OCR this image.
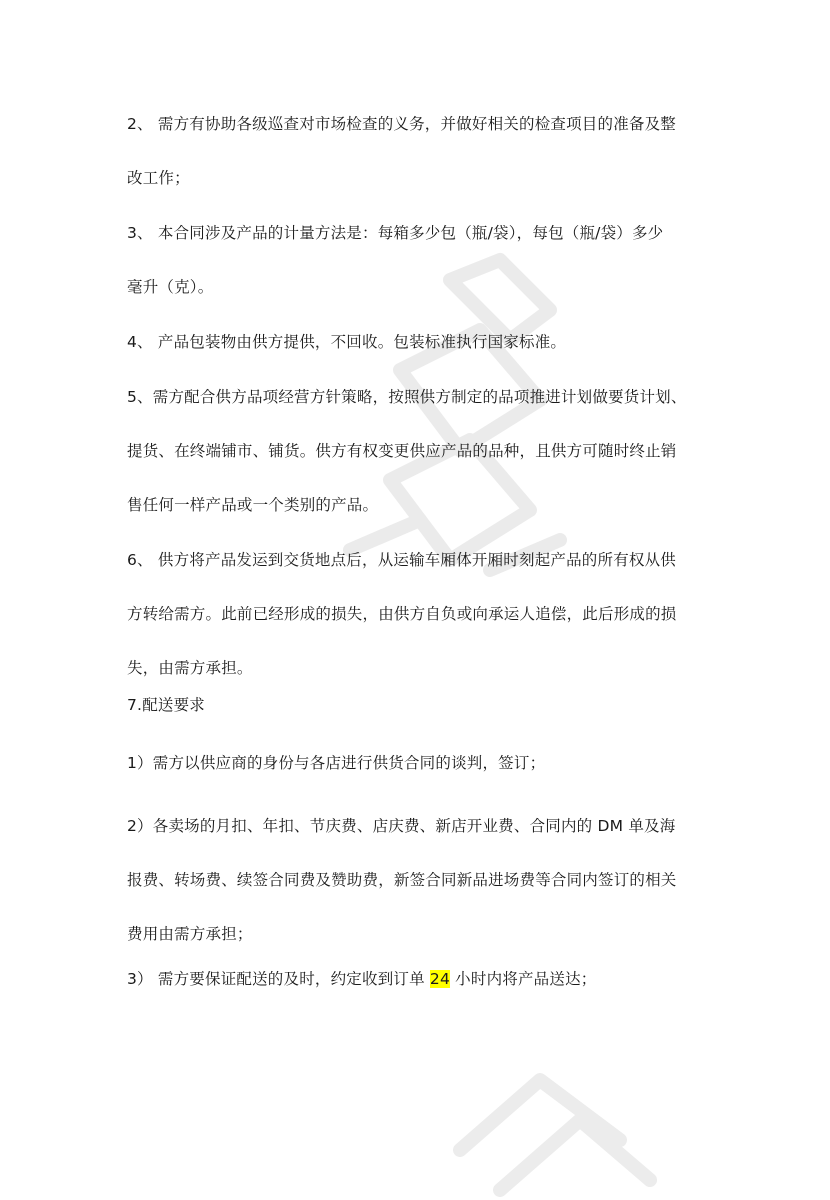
2、 需方有协助各级巡查对市场检查的义务，并做好相关的检查项目的准备及整
改工作；
3、 本合同涉及产品的计量方法是：每箱多少包（瓶/袋），每包（瓶/袋）多少
毫升（克）。
4、 产品包装物由供方提供，不回收。包装标准执行国家标准。
5、需方配合供方品项经营方针策略，按照供方制定的品项推进计划做要货计划、
提货、在终端铺市、铺货。供方有权变更供应产品的品种，且供方可随时终止销
售任何一样产品或一个类别的产品。
6、 供方将产品发运到交货地点后，从运输车厢体开厢时刻起产品的所有权从供
方转给需方。此前已经形成的损失，由供方自负或向承运人追偿，此后形成的损
失，由需方承担。
7.配送要求
1）需方以供应商的身份与各店进行供货合同的谈判，签订；
2）各卖场的月扣、年扣、节庆费、店庆费、新店开业费、合同内的 DM 单及海
报费、转场费、续签合同费及赞助费，新签合同新品进场费等合同内签订的相关
费用由需方承担；
3） 需方要保证配送的及时，约定收到订单 24 小时内将产品送达；
